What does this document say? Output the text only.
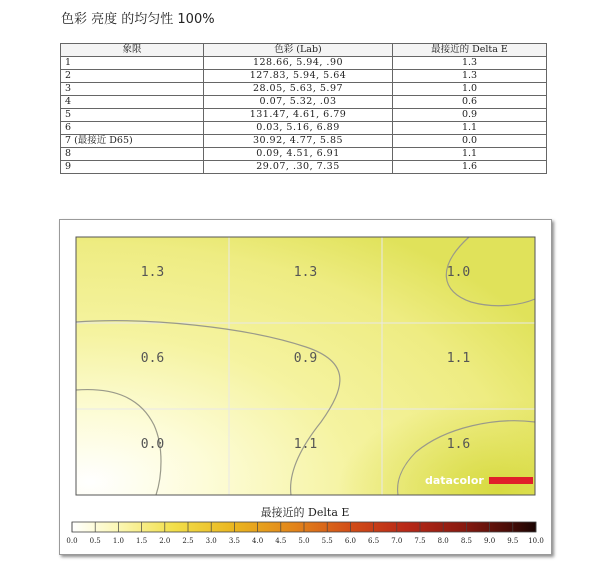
色彩 亮度 的均匀性 100%
象限	色彩 (Lab)	最接近的 Delta E
1	128.66, 5.94, .90	1.3
2	127.83, 5.94, 5.64	1.3
3	28.05, 5.63, 5.97	1.0
4	0.07, 5.32, .03	0.6
5	131.47, 4.61, 6.79	0.9
6	0.03, 5.16, 6.89	1.1
7 (最接近 D65)	30.92, 4.77, 5.85	0.0
8	0.09, 4.51, 6.91	1.1
9	29.07, .30, 7.35	1.6
1.3	1.3	1.0
0.6	0.9	1.1
0.0	1.1	1.6
datacolor
最接近的 Delta E
0.0 0.5 1.0 1.5 2.0 2.5 3.0 3.5 4.0 4.5 5.0 5.5 6.0 6.5 7.0 7.5 8.0 8.5 9.0 9.5 10.0
